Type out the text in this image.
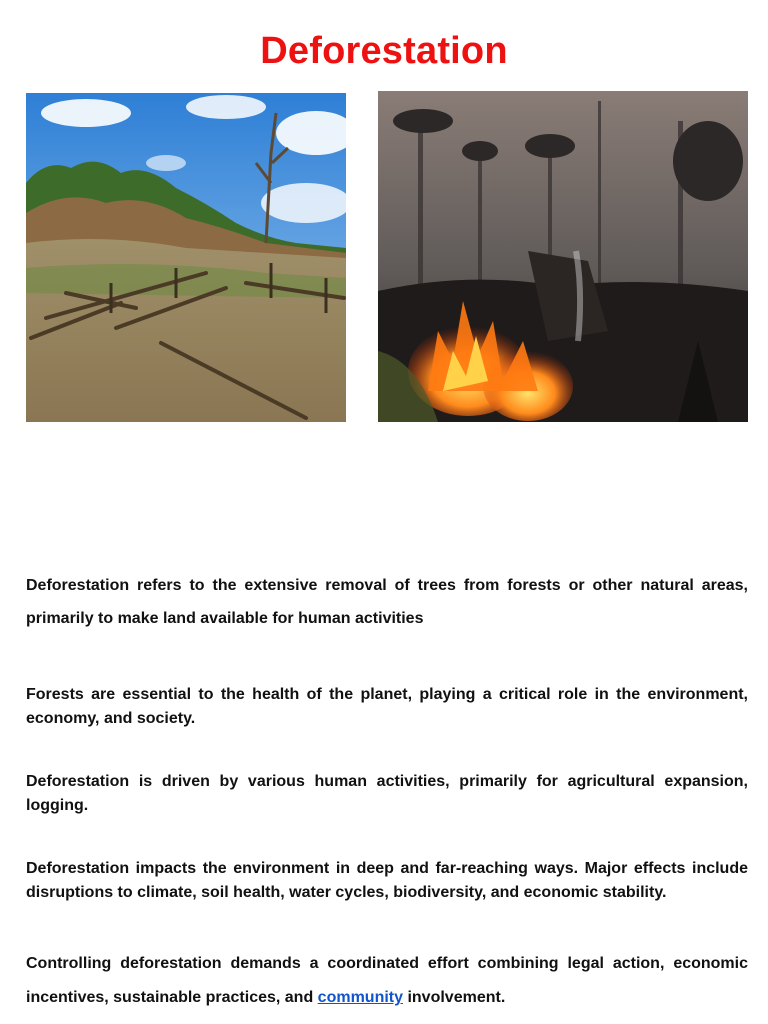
Deforestation

Deforestation refers to the extensive removal of trees from forests or other natural areas, primarily to make land available for human activities

Forests are essential to the health of the planet, playing a critical role in the environment, economy, and society.

Deforestation is driven by various human activities, primarily for agricultural expansion, logging.

Deforestation impacts the environment in deep and far-reaching ways. Major effects include disruptions to climate, soil health, water cycles, biodiversity, and economic stability.

Controlling deforestation demands a coordinated effort combining legal action, economic incentives, sustainable practices, and community involvement.
